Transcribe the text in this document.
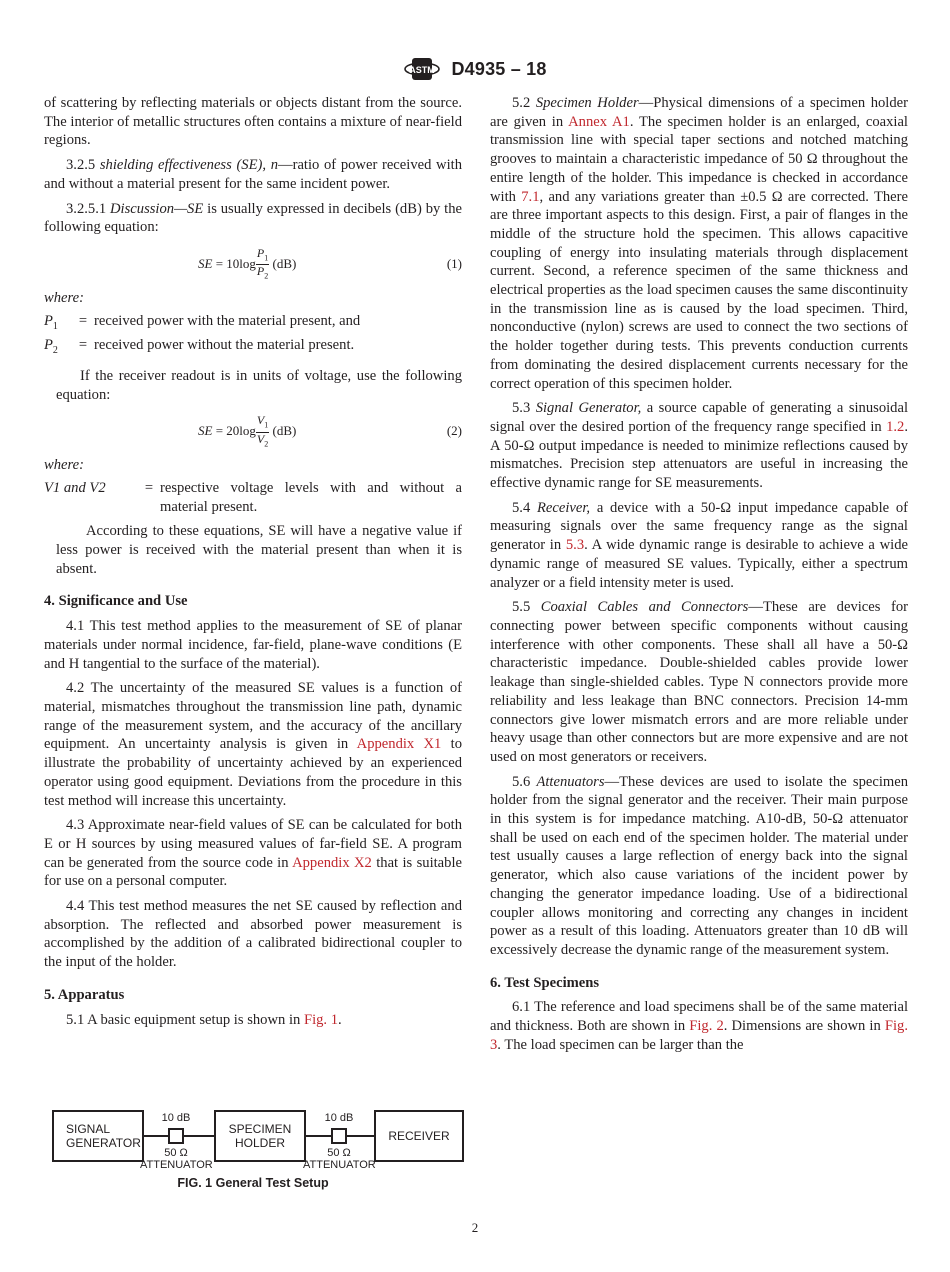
ASTM D4935 – 18

of scattering by reflecting materials or objects distant from the source. The interior of metallic structures often contains a mixture of near-field regions.

3.2.5 shielding effectiveness (SE), n—ratio of power received with and without a material present for the same incident power.

3.2.5.1 Discussion—SE is usually expressed in decibels (dB) by the following equation:

SE = $10\log \frac{P_1}{P_2} (dB)$	(1)

where:

$P_1$	= received power with the material present, and
$P_2$	= received power without the material present.

If the receiver readout is in units of voltage, use the following equation:

SE = $20\log \frac{V_1}{V_2} (dB)$	(2)

where:

V1 and V2	= respective voltage levels with and without a material present.

According to these equations, SE will have a negative value if less power is received with the material present than when it is absent.

4. Significance and Use

4.1 This test method applies to the measurement of SE of planar materials under normal incidence, far-field, plane-wave conditions (E and H tangential to the surface of the material).

4.2 The uncertainty of the measured SE values is a function of material, mismatches throughout the transmission line path, dynamic range of the measurement system, and the accuracy of the ancillary equipment. An uncertainty analysis is given in Appendix X1 to illustrate the probability of uncertainty achieved by an experienced operator using good equipment. Deviations from the procedure in this test method will increase this uncertainty.

4.3 Approximate near-field values of SE can be calculated for both E or H sources by using measured values of far-field SE. A program can be generated from the source code in Appendix X2 that is suitable for use on a personal computer.

4.4 This test method measures the net SE caused by reflection and absorption. The reflected and absorbed power measurement is accomplished by the addition of a calibrated bidirectional coupler to the input of the holder.

5. Apparatus

5.1 A basic equipment setup is shown in Fig. 1.

SIGNAL
GENERATOR
10 dB
50 Ω
ATTENUATOR
SPECIMEN
HOLDER
10 dB
50 Ω
ATTENUATOR
RECEIVER
FIG. 1 General Test Setup

5.2 Specimen Holder—Physical dimensions of a specimen holder are given in Annex A1. The specimen holder is an enlarged, coaxial transmission line with special taper sections and notched matching grooves to maintain a characteristic impedance of 50 Ω throughout the entire length of the holder. This impedance is checked in accordance with 7.1, and any variations greater than ±0.5 Ω are corrected. There are three important aspects to this design. First, a pair of flanges in the middle of the structure hold the specimen. This allows capacitive coupling of energy into insulating materials through displacement current. Second, a reference specimen of the same thickness and electrical properties as the load specimen causes the same discontinuity in the transmission line as is caused by the load specimen. Third, nonconductive (nylon) screws are used to connect the two sections of the holder together during tests. This prevents conduction currents from dominating the desired displacement currents necessary for the correct operation of this specimen holder.

5.3 Signal Generator, a source capable of generating a sinusoidal signal over the desired portion of the frequency range specified in 1.2. A 50-Ω output impedance is needed to minimize reflections caused by mismatches. Precision step attenuators are useful in increasing the effective dynamic range for SE measurements.

5.4 Receiver, a device with a 50-Ω input impedance capable of measuring signals over the same frequency range as the signal generator in 5.3. A wide dynamic range is desirable to achieve a wide dynamic range of measured SE values. Typically, either a spectrum analyzer or a field intensity meter is used.

5.5 Coaxial Cables and Connectors—These are devices for connecting power between specific components without causing interference with other components. These shall all have a 50-Ω characteristic impedance. Double-shielded cables provide lower leakage than single-shielded cables. Type N connectors provide more reliability and less leakage than BNC connectors. Precision 14-mm connectors give lower mismatch errors and are more reliable under heavy usage than other connectors but are more expensive and are not used on most generators or receivers.

5.6 Attenuators—These devices are used to isolate the specimen holder from the signal generator and the receiver. Their main purpose in this system is for impedance matching. A10-dB, 50-Ω attenuator shall be used on each end of the specimen holder. The material under test usually causes a large reflection of energy back into the signal generator, which also cause variations of the incident power by changing the generator impedance loading. Use of a bidirectional coupler allows monitoring and correcting any changes in incident power as a result of this loading. Attenuators greater than 10 dB will excessively decrease the dynamic range of the measurement system.

6. Test Specimens

6.1 The reference and load specimens shall be of the same material and thickness. Both are shown in Fig. 2. Dimensions are shown in Fig. 3. The load specimen can be larger than the

2
